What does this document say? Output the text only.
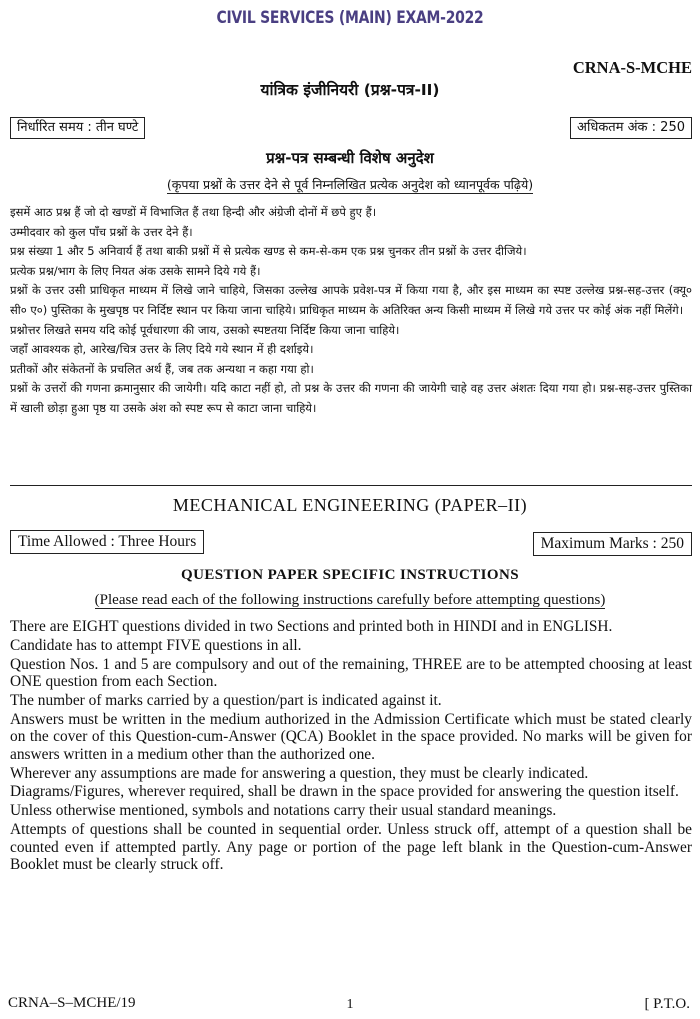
CIVIL SERVICES (MAIN) EXAM-2022
CRNA-S-MCHE
यांत्रिक इंजीनियरी (प्रश्न-पत्र-II)
निर्धारित समय : तीन घण्टे	अधिकतम अंक : 250
प्रश्न-पत्र सम्बन्धी विशेष अनुदेश
(कृपया प्रश्नों के उत्तर देने से पूर्व निम्नलिखित प्रत्येक अनुदेश को ध्यानपूर्वक पढ़िये)

इसमें आठ प्रश्न हैं जो दो खण्डों में विभाजित हैं तथा हिन्दी और अंग्रेजी दोनों में छपे हुए हैं।

उम्मीदवार को कुल पाँच प्रश्नों के उत्तर देने हैं।

प्रश्न संख्या 1 और 5 अनिवार्य हैं तथा बाकी प्रश्नों में से प्रत्येक खण्ड से कम-से-कम एक प्रश्न चुनकर तीन प्रश्नों के उत्तर दीजिये।

प्रत्येक प्रश्न/भाग के लिए नियत अंक उसके सामने दिये गये हैं।

प्रश्नों के उत्तर उसी प्राधिकृत माध्यम में लिखे जाने चाहिये, जिसका उल्लेख आपके प्रवेश-पत्र में किया गया है, और इस माध्यम का स्पष्ट उल्लेख प्रश्न-सह-उत्तर (क्यू० सी० ए०) पुस्तिका के मुखपृष्ठ पर निर्दिष्ट स्थान पर किया जाना चाहिये। प्राधिकृत माध्यम के अतिरिक्त अन्य किसी माध्यम में लिखे गये उत्तर पर कोई अंक नहीं मिलेंगे।

प्रश्नोत्तर लिखते समय यदि कोई पूर्वधारणा की जाय, उसको स्पष्टतया निर्दिष्ट किया जाना चाहिये।

जहाँ आवश्यक हो, आरेख/चित्र उत्तर के लिए दिये गये स्थान में ही दर्शाइये।

प्रतीकों और संकेतनों के प्रचलित अर्थ हैं, जब तक अन्यथा न कहा गया हो।

प्रश्नों के उत्तरों की गणना क्रमानुसार की जायेगी। यदि काटा नहीं हो, तो प्रश्न के उत्तर की गणना की जायेगी चाहे वह उत्तर अंशतः दिया गया हो। प्रश्न-सह-उत्तर पुस्तिका में खाली छोड़ा हुआ पृष्ठ या उसके अंश को स्पष्ट रूप से काटा जाना चाहिये।

MECHANICAL ENGINEERING (PAPER–II)
Time Allowed : Three Hours	Maximum Marks : 250
QUESTION PAPER SPECIFIC INSTRUCTIONS
(Please read each of the following instructions carefully before attempting questions)

There are EIGHT questions divided in two Sections and printed both in HINDI and in ENGLISH.

Candidate has to attempt FIVE questions in all.

Question Nos. 1 and 5 are compulsory and out of the remaining, THREE are to be attempted choosing at least ONE question from each Section.

The number of marks carried by a question/part is indicated against it.

Answers must be written in the medium authorized in the Admission Certificate which must be stated clearly on the cover of this Question-cum-Answer (QCA) Booklet in the space provided. No marks will be given for answers written in a medium other than the authorized one.

Wherever any assumptions are made for answering a question, they must be clearly indicated.

Diagrams/Figures, wherever required, shall be drawn in the space provided for answering the question itself.

Unless otherwise mentioned, symbols and notations carry their usual standard meanings.

Attempts of questions shall be counted in sequential order. Unless struck off, attempt of a question shall be counted even if attempted partly. Any page or portion of the page left blank in the Question-cum-Answer Booklet must be clearly struck off.

CRNA–S–MCHE/19	1	[ P.T.O.
